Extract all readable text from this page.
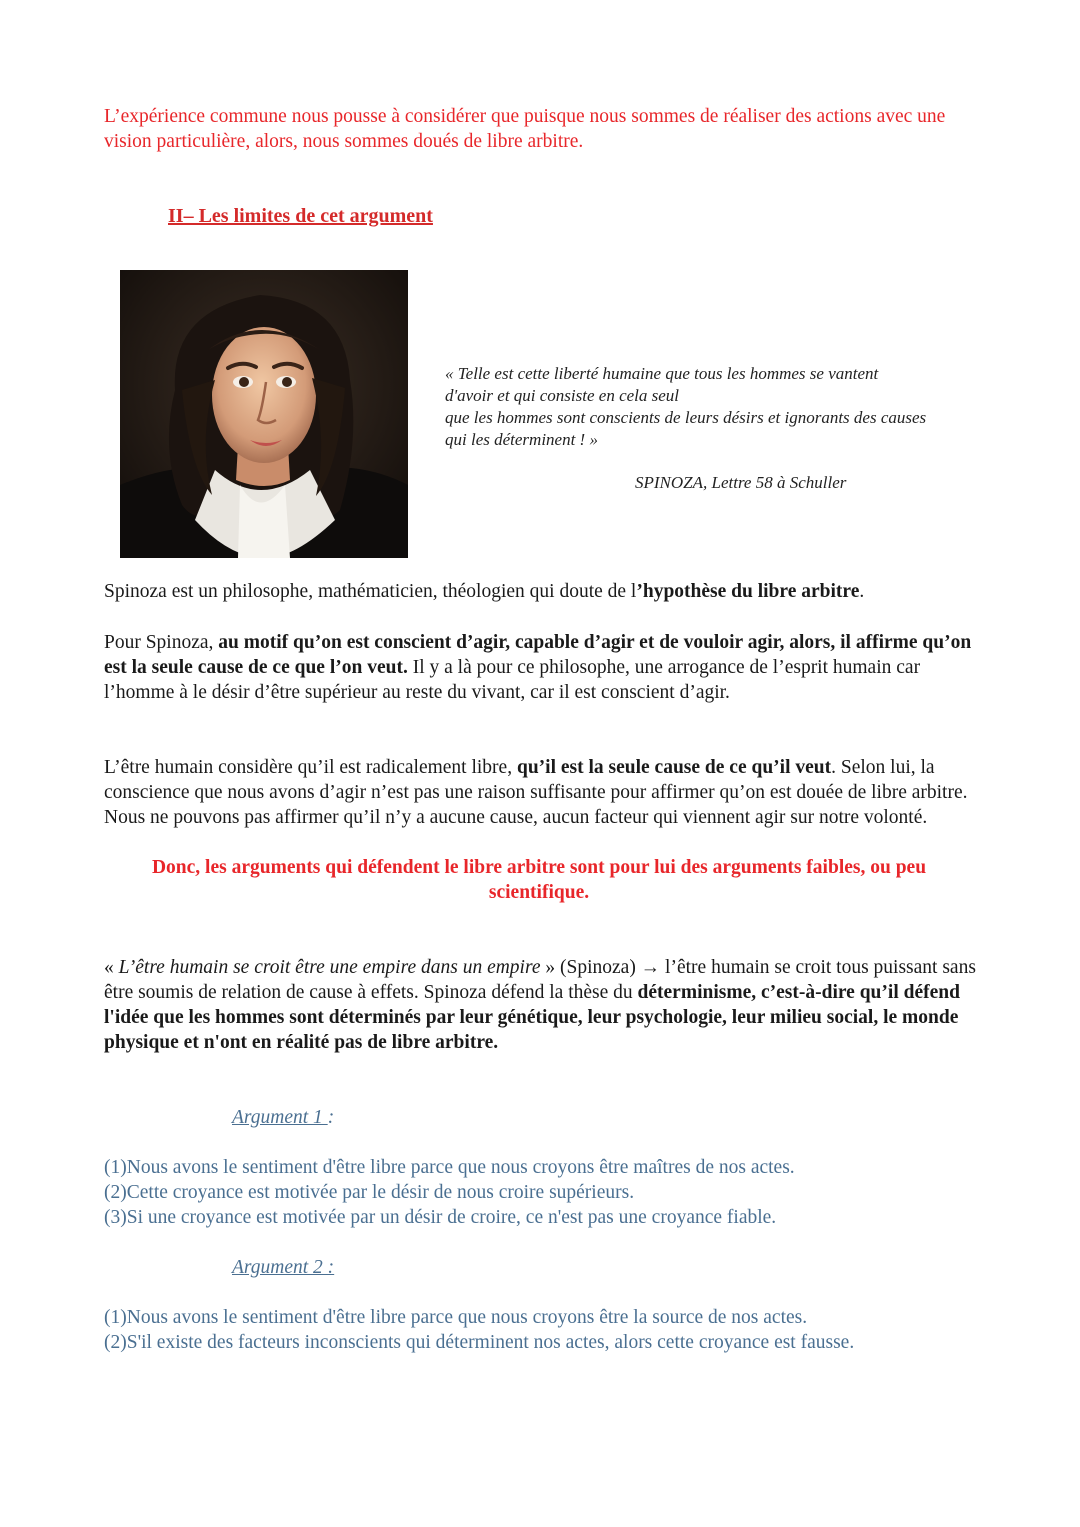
L’expérience commune nous pousse à considérer que puisque nous sommes de réaliser des actions avec une vision particulière, alors, nous sommes doués de libre arbitre.

II– Les limites de cet argument

« Telle est cette liberté humaine que tous les hommes se vantent
d'avoir et qui consiste en cela seul
que les hommes sont conscients de leurs désirs et ignorants des causes
qui les déterminent ! »

SPINOZA, Lettre 58 à Schuller

Spinoza est un philosophe, mathématicien, théologien qui doute de l’hypothèse du libre arbitre.

Pour Spinoza, au motif qu’on est conscient d’agir, capable d’agir et de vouloir agir, alors, il affirme qu’on est la seule cause de ce que l’on veut. Il y a là pour ce philosophe, une arrogance de l’esprit humain car l’homme à le désir d’être supérieur au reste du vivant, car il est conscient d’agir.

L’être humain considère qu’il est radicalement libre, qu’il est la seule cause de ce qu’il veut. Selon lui, la conscience que nous avons d’agir n’est pas une raison suffisante pour affirmer qu’on est douée de libre arbitre. Nous ne pouvons pas affirmer qu’il n’y a aucune cause, aucun facteur qui viennent agir sur notre volonté.

Donc, les arguments qui défendent le libre arbitre sont pour lui des arguments faibles, ou peu scientifique.

« L’être humain se croit être une empire dans un empire » (Spinoza) → l’être humain se croit tous puissant sans être soumis de relation de cause à effets. Spinoza défend la thèse du déterminisme, c’est-à-dire qu’il défend l'idée que les hommes sont déterminés par leur génétique, leur psychologie, leur milieu social, le monde physique et n'ont en réalité pas de libre arbitre.

Argument 1 :

(1)Nous avons le sentiment d'être libre parce que nous croyons être maîtres de nos actes.
(2)Cette croyance est motivée par le désir de nous croire supérieurs.
(3)Si une croyance est motivée par un désir de croire, ce n'est pas une croyance fiable.

Argument 2 :

(1)Nous avons le sentiment d'être libre parce que nous croyons être la source de nos actes.
(2)S'il existe des facteurs inconscients qui déterminent nos actes, alors cette croyance est fausse.
